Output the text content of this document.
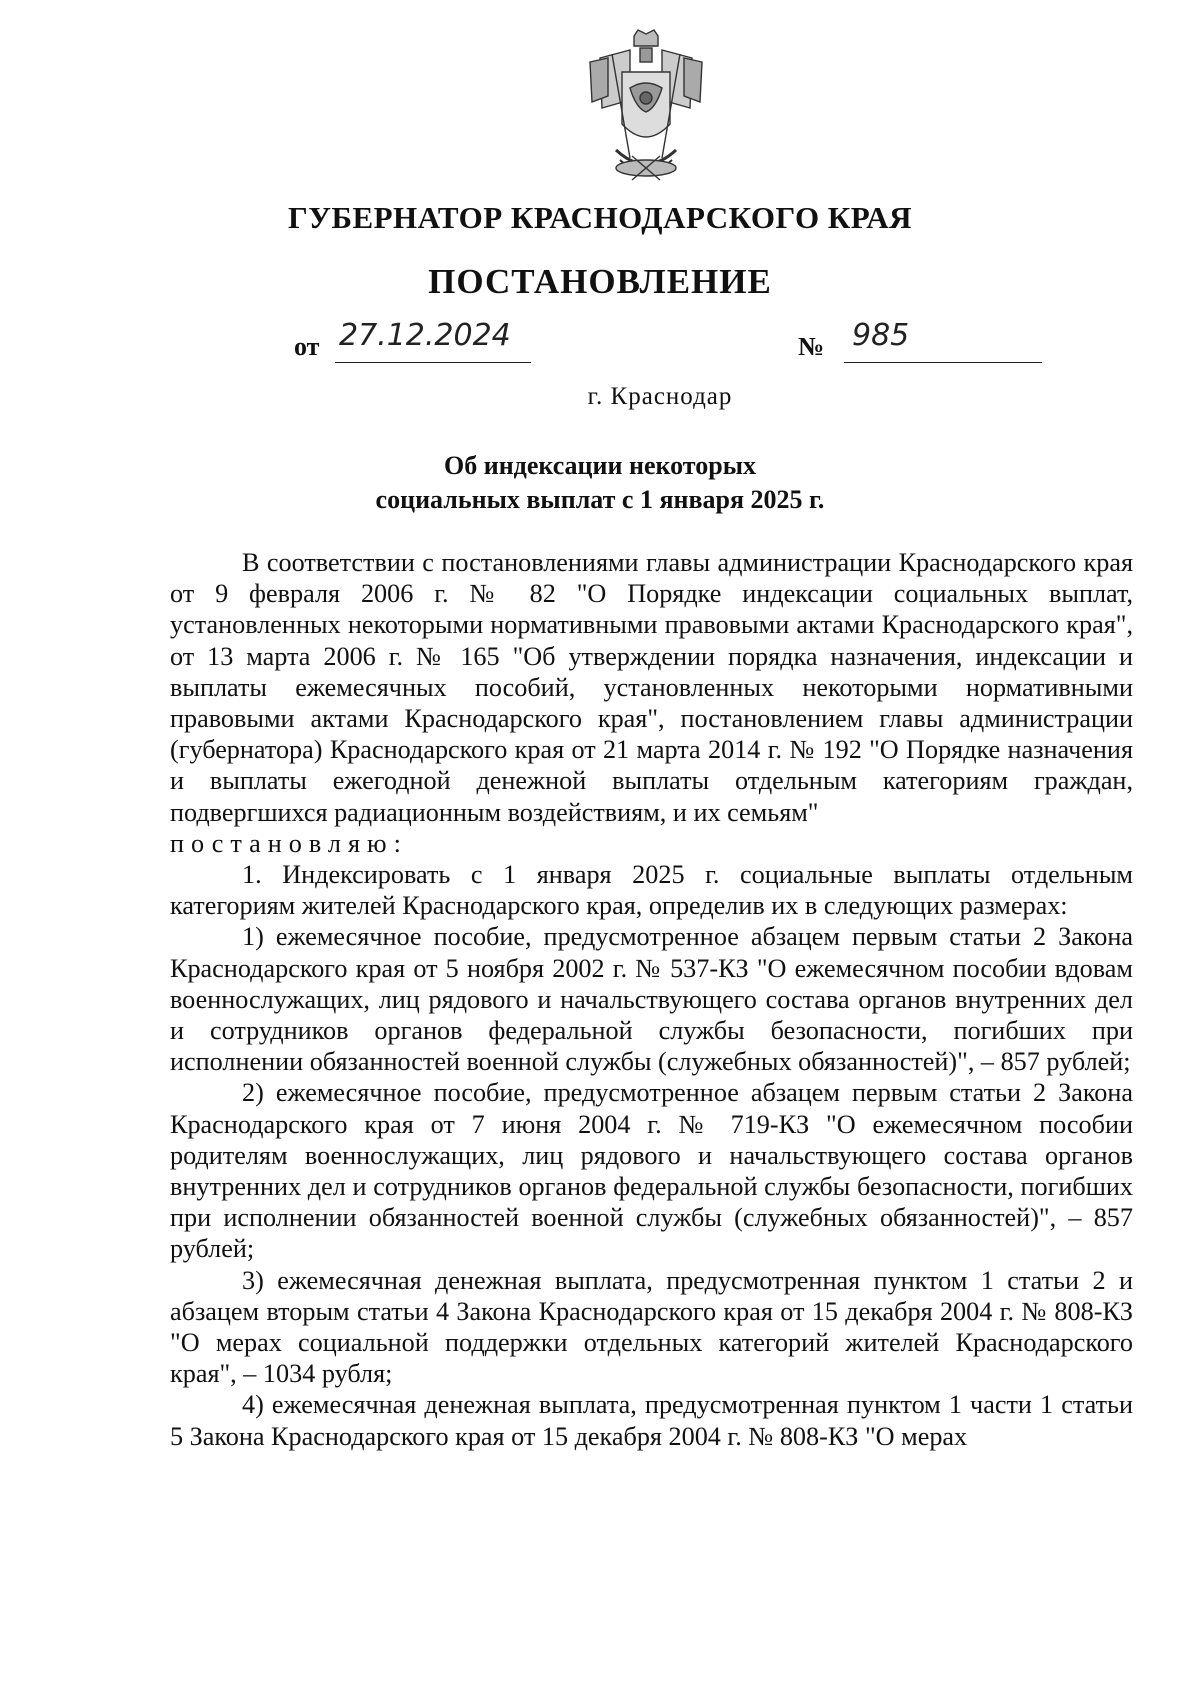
ГУБЕРНАТОР КРАСНОДАРСКОГО КРАЯ
ПОСТАНОВЛЕНИЕ
от 27.12.2024	№ 985
г. Краснодар
Об индексации некоторых
социальных выплат с 1 января 2025 г.

В соответствии с постановлениями главы администрации Краснодарского края от 9 февраля 2006 г. № 82 "О Порядке индексации социальных выплат, установленных некоторыми нормативными правовыми актами Краснодарского края", от 13 марта 2006 г. № 165 "Об утверждении порядка назначения, индексации и выплаты ежемесячных пособий, установленных некоторыми нормативными правовыми актами Краснодарского края", постановлением главы администрации (губернатора) Краснодарского края от 21 марта 2014 г. № 192 "О Порядке назначения и выплаты ежегодной денежной выплаты отдельным категориям граждан, подвергшихся радиационным воздействиям, и их семьям"

постановляю:

1. Индексировать с 1 января 2025 г. социальные выплаты отдельным категориям жителей Краснодарского края, определив их в следующих размерах:

1) ежемесячное пособие, предусмотренное абзацем первым статьи 2 Закона Краснодарского края от 5 ноября 2002 г. № 537-КЗ "О ежемесячном пособии вдовам военнослужащих, лиц рядового и начальствующего состава органов внутренних дел и сотрудников органов федеральной службы безопасности, погибших при исполнении обязанностей военной службы (служебных обязанностей)", – 857 рублей;

2) ежемесячное пособие, предусмотренное абзацем первым статьи 2 Закона Краснодарского края от 7 июня 2004 г. № 719-КЗ "О ежемесячном пособии родителям военнослужащих, лиц рядового и начальствующего состава органов внутренних дел и сотрудников органов федеральной службы безопасности, погибших при исполнении обязанностей военной службы (служебных обязанностей)", – 857 рублей;

3) ежемесячная денежная выплата, предусмотренная пунктом 1 статьи 2 и абзацем вторым статьи 4 Закона Краснодарского края от 15 декабря 2004 г. № 808-КЗ "О мерах социальной поддержки отдельных категорий жителей Краснодарского края", – 1034 рубля;

4) ежемесячная денежная выплата, предусмотренная пунктом 1 части 1 статьи 5 Закона Краснодарского края от 15 декабря 2004 г. № 808-КЗ "О мерах
